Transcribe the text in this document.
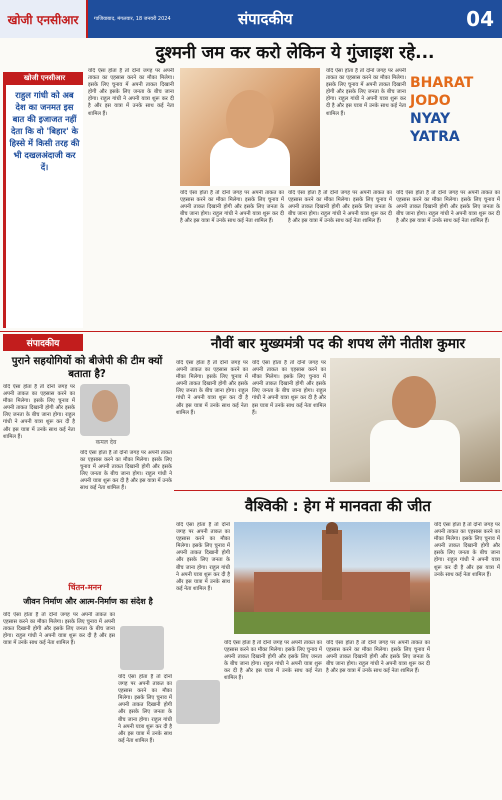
खोजी एनसीआर	गाजियाबाद, मंगलवार, 18 जनवरी 2024	संपादकीय	04
दुश्मनी जम कर करो लेकिन ये गुंजाइश रहे...
खोजी एनसीआर
राहुल गांधी को अब देश का जनमत इस बात की इजाजत नहीं देता कि वो 'बिहार' के हिस्से में किसी तरह की भी दखलअंदाजी कर दें।
यदि ऐसा होता है तो दोनों जगह पर अपनी ताकत का एहसास करने का मौका मिलेगा। इसके लिए चुनाव में अपनी ताकत दिखानी होगी और इसके लिए जनता के बीच जाना होगा। राहुल गांधी ने अपनी यात्रा शुरू कर दी है और इस यात्रा में उनके साथ कई नेता शामिल हैं।
यदि ऐसा होता है तो दोनों जगह पर अपनी ताकत का एहसास करने का मौका मिलेगा। इसके लिए चुनाव में अपनी ताकत दिखानी होगी और इसके लिए जनता के बीच जाना होगा। राहुल गांधी ने अपनी यात्रा शुरू कर दी है और इस यात्रा में उनके साथ कई नेता शामिल हैं।
BHARAT
JODO
NYAY
YATRA
यदि ऐसा होता है तो दोनों जगह पर अपनी ताकत का एहसास करने का मौका मिलेगा। इसके लिए चुनाव में अपनी ताकत दिखानी होगी और इसके लिए जनता के बीच जाना होगा। राहुल गांधी ने अपनी यात्रा शुरू कर दी है और इस यात्रा में उनके साथ कई नेता शामिल हैं।
यदि ऐसा होता है तो दोनों जगह पर अपनी ताकत का एहसास करने का मौका मिलेगा। इसके लिए चुनाव में अपनी ताकत दिखानी होगी और इसके लिए जनता के बीच जाना होगा। राहुल गांधी ने अपनी यात्रा शुरू कर दी है और इस यात्रा में उनके साथ कई नेता शामिल हैं।
यदि ऐसा होता है तो दोनों जगह पर अपनी ताकत का एहसास करने का मौका मिलेगा। इसके लिए चुनाव में अपनी ताकत दिखानी होगी और इसके लिए जनता के बीच जाना होगा। राहुल गांधी ने अपनी यात्रा शुरू कर दी है और इस यात्रा में उनके साथ कई नेता शामिल हैं।
संपादकीय	नौवीं बार मुख्यमंत्री पद की शपथ लेंगे नीतीश कुमार
पुराने सहयोगियों को बीजेपी की टीम क्यों बताता है?
कमल देव
यदि ऐसा होता है तो दोनों जगह पर अपनी ताकत का एहसास करने का मौका मिलेगा। इसके लिए चुनाव में अपनी ताकत दिखानी होगी और इसके लिए जनता के बीच जाना होगा। राहुल गांधी ने अपनी यात्रा शुरू कर दी है और इस यात्रा में उनके साथ कई नेता शामिल हैं।
यदि ऐसा होता है तो दोनों जगह पर अपनी ताकत का एहसास करने का मौका मिलेगा। इसके लिए चुनाव में अपनी ताकत दिखानी होगी और इसके लिए जनता के बीच जाना होगा। राहुल गांधी ने अपनी यात्रा शुरू कर दी है और इस यात्रा में उनके साथ कई नेता शामिल हैं।
यदि ऐसा होता है तो दोनों जगह पर अपनी ताकत का एहसास करने का मौका मिलेगा। इसके लिए चुनाव में अपनी ताकत दिखानी होगी और इसके लिए जनता के बीच जाना होगा। राहुल गांधी ने अपनी यात्रा शुरू कर दी है और इस यात्रा में उनके साथ कई नेता शामिल हैं।
यदि ऐसा होता है तो दोनों जगह पर अपनी ताकत का एहसास करने का मौका मिलेगा। इसके लिए चुनाव में अपनी ताकत दिखानी होगी और इसके लिए जनता के बीच जाना होगा। राहुल गांधी ने अपनी यात्रा शुरू कर दी है और इस यात्रा में उनके साथ कई नेता शामिल हैं।
वैश्विकी : हेग में मानवता की जीत
चिंतन-मनन
जीवन निर्माण और आत्म-निर्माण का संदेश है
यदि ऐसा होता है तो दोनों जगह पर अपनी ताकत का एहसास करने का मौका मिलेगा। इसके लिए चुनाव में अपनी ताकत दिखानी होगी और इसके लिए जनता के बीच जाना होगा। राहुल गांधी ने अपनी यात्रा शुरू कर दी है और इस यात्रा में उनके साथ कई नेता शामिल हैं।
यदि ऐसा होता है तो दोनों जगह पर अपनी ताकत का एहसास करने का मौका मिलेगा। इसके लिए चुनाव में अपनी ताकत दिखानी होगी और इसके लिए जनता के बीच जाना होगा। राहुल गांधी ने अपनी यात्रा शुरू कर दी है और इस यात्रा में उनके साथ कई नेता शामिल हैं।
यदि ऐसा होता है तो दोनों जगह पर अपनी ताकत का एहसास करने का मौका मिलेगा। इसके लिए चुनाव में अपनी ताकत दिखानी होगी और इसके लिए जनता के बीच जाना होगा। राहुल गांधी ने अपनी यात्रा शुरू कर दी है और इस यात्रा में उनके साथ कई नेता शामिल हैं।
यदि ऐसा होता है तो दोनों जगह पर अपनी ताकत का एहसास करने का मौका मिलेगा। इसके लिए चुनाव में अपनी ताकत दिखानी होगी और इसके लिए जनता के बीच जाना होगा। राहुल गांधी ने अपनी यात्रा शुरू कर दी है और इस यात्रा में उनके साथ कई नेता शामिल हैं।
यदि ऐसा होता है तो दोनों जगह पर अपनी ताकत का एहसास करने का मौका मिलेगा। इसके लिए चुनाव में अपनी ताकत दिखानी होगी और इसके लिए जनता के बीच जाना होगा। राहुल गांधी ने अपनी यात्रा शुरू कर दी है और इस यात्रा में उनके साथ कई नेता शामिल हैं।
यदि ऐसा होता है तो दोनों जगह पर अपनी ताकत का एहसास करने का मौका मिलेगा। इसके लिए चुनाव में अपनी ताकत दिखानी होगी और इसके लिए जनता के बीच जाना होगा। राहुल गांधी ने अपनी यात्रा शुरू कर दी है और इस यात्रा में उनके साथ कई नेता शामिल हैं।
